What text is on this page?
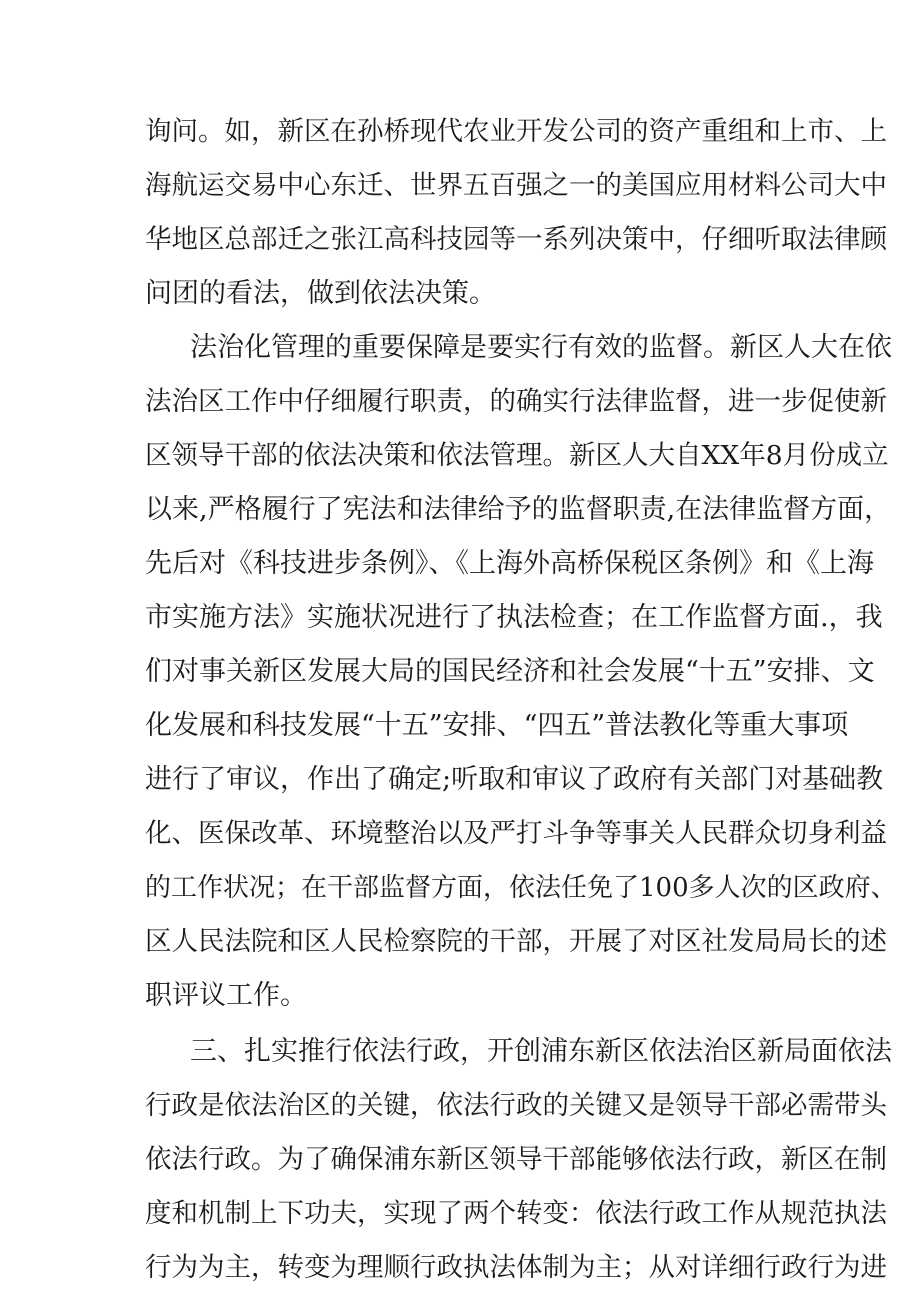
询问。如，新区在孙桥现代农业开发公司的资产重组和上市、上

海航运交易中心东迁、世界五百强之一的美国应用材料公司大中

华地区总部迁之张江高科技园等一系列决策中，仔细听取法律顾

问团的看法，做到依法决策。

法治化管理的重要保障是要实行有效的监督。新区人大在依

法治区工作中仔细履行职责，的确实行法律监督，进一步促使新

区领导干部的依法决策和依法管理。新区人大自XX年8月份成立

以来,严格履行了宪法和法律给予的监督职责,在法律监督方面，

先后对《科技进步条例》、《上海外高桥保税区条例》和《上海

市实施方法》实施状况进行了执法检查；在工作监督方面.，我

们对事关新区发展大局的国民经济和社会发展“十五”安排、文

化发展和科技发展“十五”安排、“四五”普法教化等重大事项

进行了审议，作出了确定;听取和审议了政府有关部门对基础教

化、医保改革、环境整治以及严打斗争等事关人民群众切身利益

的工作状况；在干部监督方面，依法任免了100多人次的区政府、

区人民法院和区人民检察院的干部，开展了对区社发局局长的述

职评议工作。

三、扎实推行依法行政，开创浦东新区依法治区新局面依法

行政是依法治区的关键，依法行政的关键又是领导干部必需带头

依法行政。为了确保浦东新区领导干部能够依法行政，新区在制

度和机制上下功夫，实现了两个转变：依法行政工作从规范执法

行为为主，转变为理顺行政执法体制为主；从对详细行政行为进
